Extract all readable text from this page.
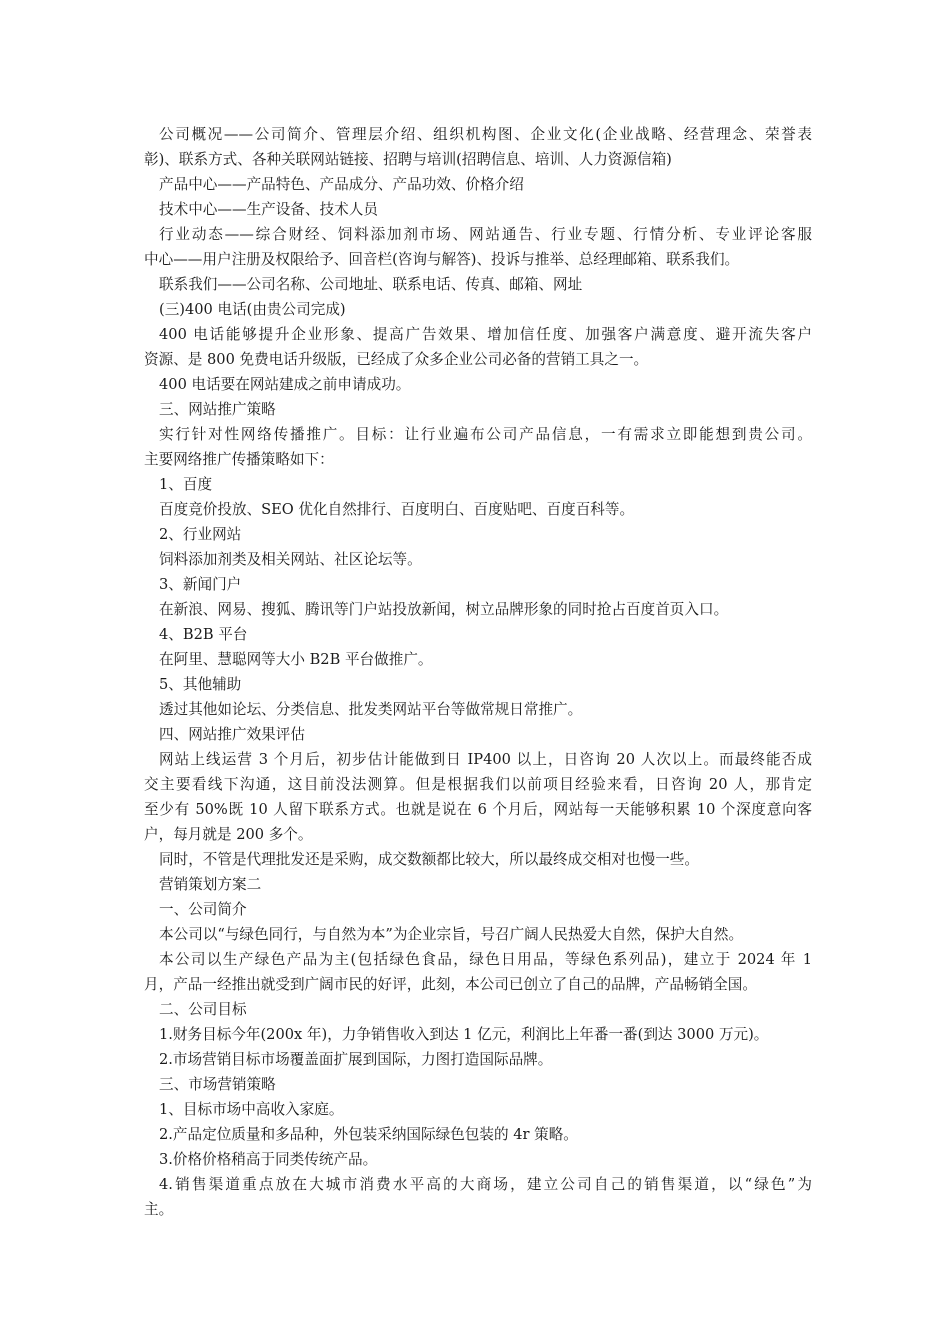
公司概况——公司简介、管理层介绍、组织机构图、企业文化(企业战略、经营理念、荣誉表
彰)、联系方式、各种关联网站链接、招聘与培训(招聘信息、培训、人力资源信箱)

产品中心——产品特色、产品成分、产品功效、价格介绍

技术中心——生产设备、技术人员

行业动态——综合财经、饲料添加剂市场、网站通告、行业专题、行情分析、专业评论客服
中心——用户注册及权限给予、回音栏(咨询与解答)、投诉与推举、总经理邮箱、联系我们。

联系我们——公司名称、公司地址、联系电话、传真、邮箱、网址

(三)400 电话(由贵公司完成)

400 电话能够提升企业形象、提高广告效果、增加信任度、加强客户满意度、避开流失客户
资源、是 800 免费电话升级版，已经成了众多企业公司必备的营销工具之一。

400 电话要在网站建成之前申请成功。

三、网站推广策略

实行针对性网络传播推广。目标：让行业遍布公司产品信息，一有需求立即能想到贵公司。
主要网络推广传播策略如下：

1、百度

百度竞价投放、SEO 优化自然排行、百度明白、百度贴吧、百度百科等。

2、行业网站

饲料添加剂类及相关网站、社区论坛等。

3、新闻门户

在新浪、网易、搜狐、腾讯等门户站投放新闻，树立品牌形象的同时抢占百度首页入口。

4、B2B 平台

在阿里、慧聪网等大小 B2B 平台做推广。

5、其他辅助

透过其他如论坛、分类信息、批发类网站平台等做常规日常推广。

四、网站推广效果评估

网站上线运营 3 个月后，初步估计能做到日 IP400 以上，日咨询 20 人次以上。而最终能否成
交主要看线下沟通，这目前没法测算。但是根据我们以前项目经验来看，日咨询 20 人，那肯定
至少有 50%既 10 人留下联系方式。也就是说在 6 个月后，网站每一天能够积累 10 个深度意向客
户，每月就是 200 多个。

同时，不管是代理批发还是采购，成交数额都比较大，所以最终成交相对也慢一些。

营销策划方案二

一、公司简介

本公司以“与绿色同行，与自然为本”为企业宗旨，号召广阔人民热爱大自然，保护大自然。

本公司以生产绿色产品为主(包括绿色食品，绿色日用品，等绿色系列品)，建立于 2024 年 1
月，产品一经推出就受到广阔市民的好评，此刻，本公司已创立了自己的品牌，产品畅销全国。

二、公司目标

1.财务目标今年(200x 年)，力争销售收入到达 1 亿元，利润比上年番一番(到达 3000 万元)。

2.市场营销目标市场覆盖面扩展到国际，力图打造国际品牌。

三、市场营销策略

1、目标市场中高收入家庭。

2.产品定位质量和多品种，外包装采纳国际绿色包装的 4r 策略。

3.价格价格稍高于同类传统产品。

4.销售渠道重点放在大城市消费水平高的大商场，建立公司自己的销售渠道，以“绿色”为
主。
